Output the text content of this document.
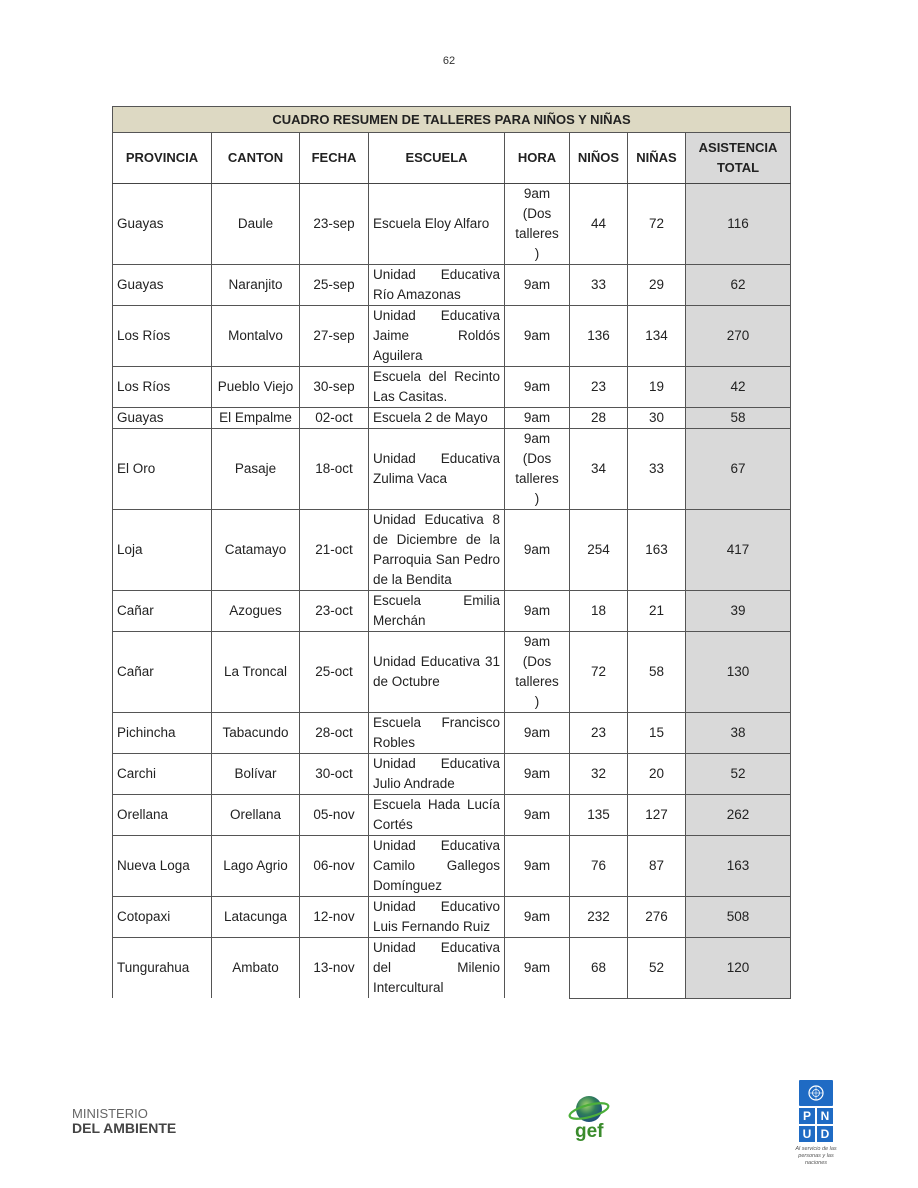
62
CUADRO RESUMEN DE TALLERES PARA NIÑOS Y NIÑAS							
PROVINCIA	CANTON	FECHA	ESCUELA	HORA	NIÑOS	NIÑAS	ASISTENCIA TOTAL
Guayas	Daule	23-sep	Escuela Eloy Alfaro	9am (Dos talleres )	44	72	116
Guayas	Naranjito	25-sep	Unidad Educativa Río Amazonas	9am	33	29	62
Los Ríos	Montalvo	27-sep	Unidad Educativa Jaime Roldós Aguilera	9am	136	134	270
Los Ríos	Pueblo Viejo	30-sep	Escuela del Recinto Las Casitas.	9am	23	19	42
Guayas	El Empalme	02-oct	Escuela 2 de Mayo	9am	28	30	58
El Oro	Pasaje	18-oct	Unidad Educativa Zulima Vaca	9am (Dos talleres )	34	33	67
Loja	Catamayo	21-oct	Unidad Educativa 8 de Diciembre de la Parroquia San Pedro de la Bendita	9am	254	163	417
Cañar	Azogues	23-oct	Escuela Emilia Merchán	9am	18	21	39
Cañar	La Troncal	25-oct	Unidad Educativa 31 de Octubre	9am (Dos talleres )	72	58	130
Pichincha	Tabacundo	28-oct	Escuela Francisco Robles	9am	23	15	38
Carchi	Bolívar	30-oct	Unidad Educativa Julio Andrade	9am	32	20	52
Orellana	Orellana	05-nov	Escuela Hada Lucía Cortés	9am	135	127	262
Nueva Loga	Lago Agrio	06-nov	Unidad Educativa Camilo Gallegos Domínguez	9am	76	87	163
Cotopaxi	Latacunga	12-nov	Unidad Educativo Luis Fernando Ruiz	9am	232	276	508
Tungurahua	Ambato	13-nov	Unidad Educativa del Milenio Intercultural	9am	68	52	120
MINISTERIO
DEL AMBIENTE	gef
P N
U D
Al servicio de las personas y las naciones
